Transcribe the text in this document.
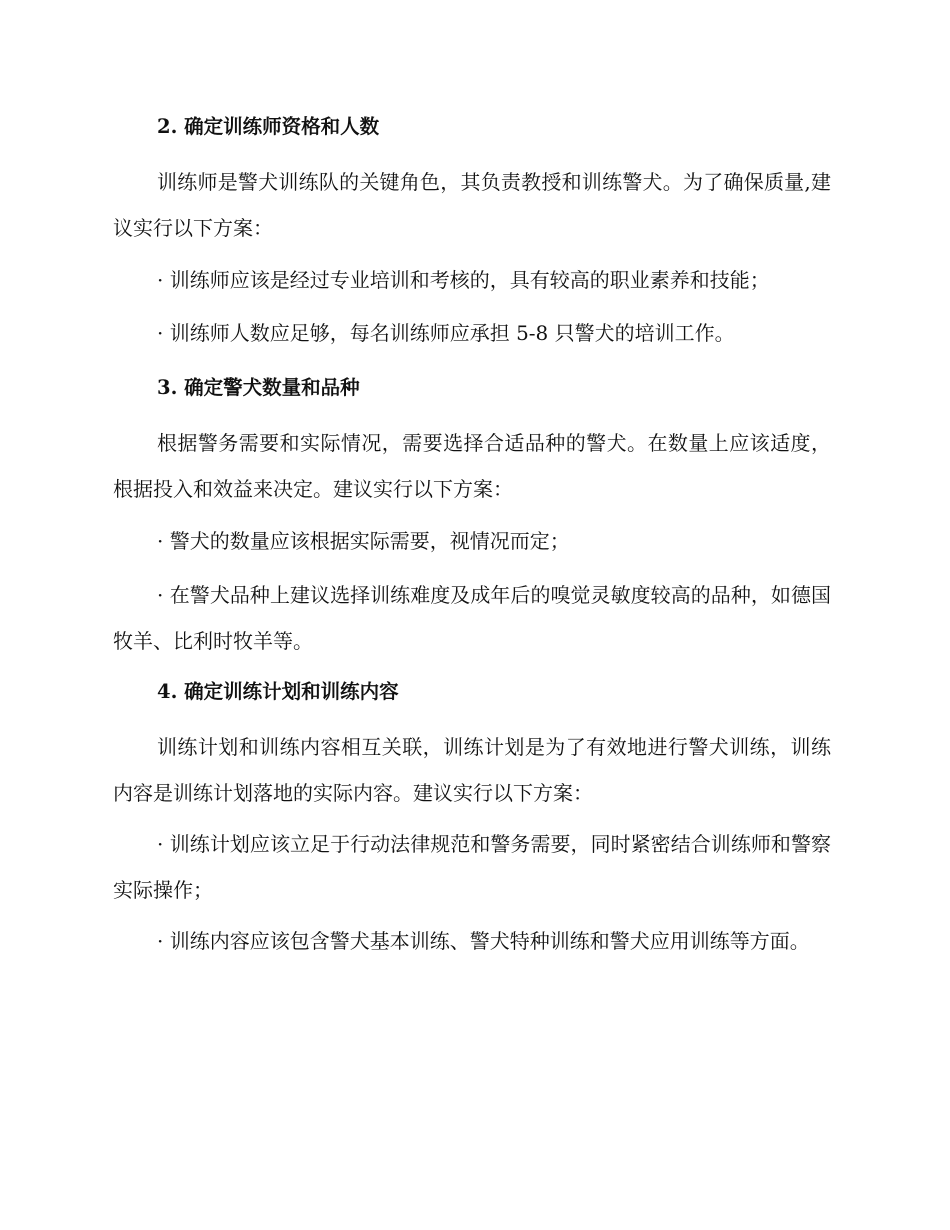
2. 确定训练师资格和人数

训练师是警犬训练队的关键角色，其负责教授和训练警犬。为了确保质量,建议实行以下方案：

· 训练师应该是经过专业培训和考核的，具有较高的职业素养和技能；

· 训练师人数应足够，每名训练师应承担 5-8 只警犬的培训工作。

3. 确定警犬数量和品种

根据警务需要和实际情况，需要选择合适品种的警犬。在数量上应该适度，根据投入和效益来决定。建议实行以下方案：

· 警犬的数量应该根据实际需要，视情况而定；

· 在警犬品种上建议选择训练难度及成年后的嗅觉灵敏度较高的品种，如德国牧羊、比利时牧羊等。

4. 确定训练计划和训练内容

训练计划和训练内容相互关联，训练计划是为了有效地进行警犬训练，训练内容是训练计划落地的实际内容。建议实行以下方案：

· 训练计划应该立足于行动法律规范和警务需要，同时紧密结合训练师和警察实际操作；

· 训练内容应该包含警犬基本训练、警犬特种训练和警犬应用训练等方面。
